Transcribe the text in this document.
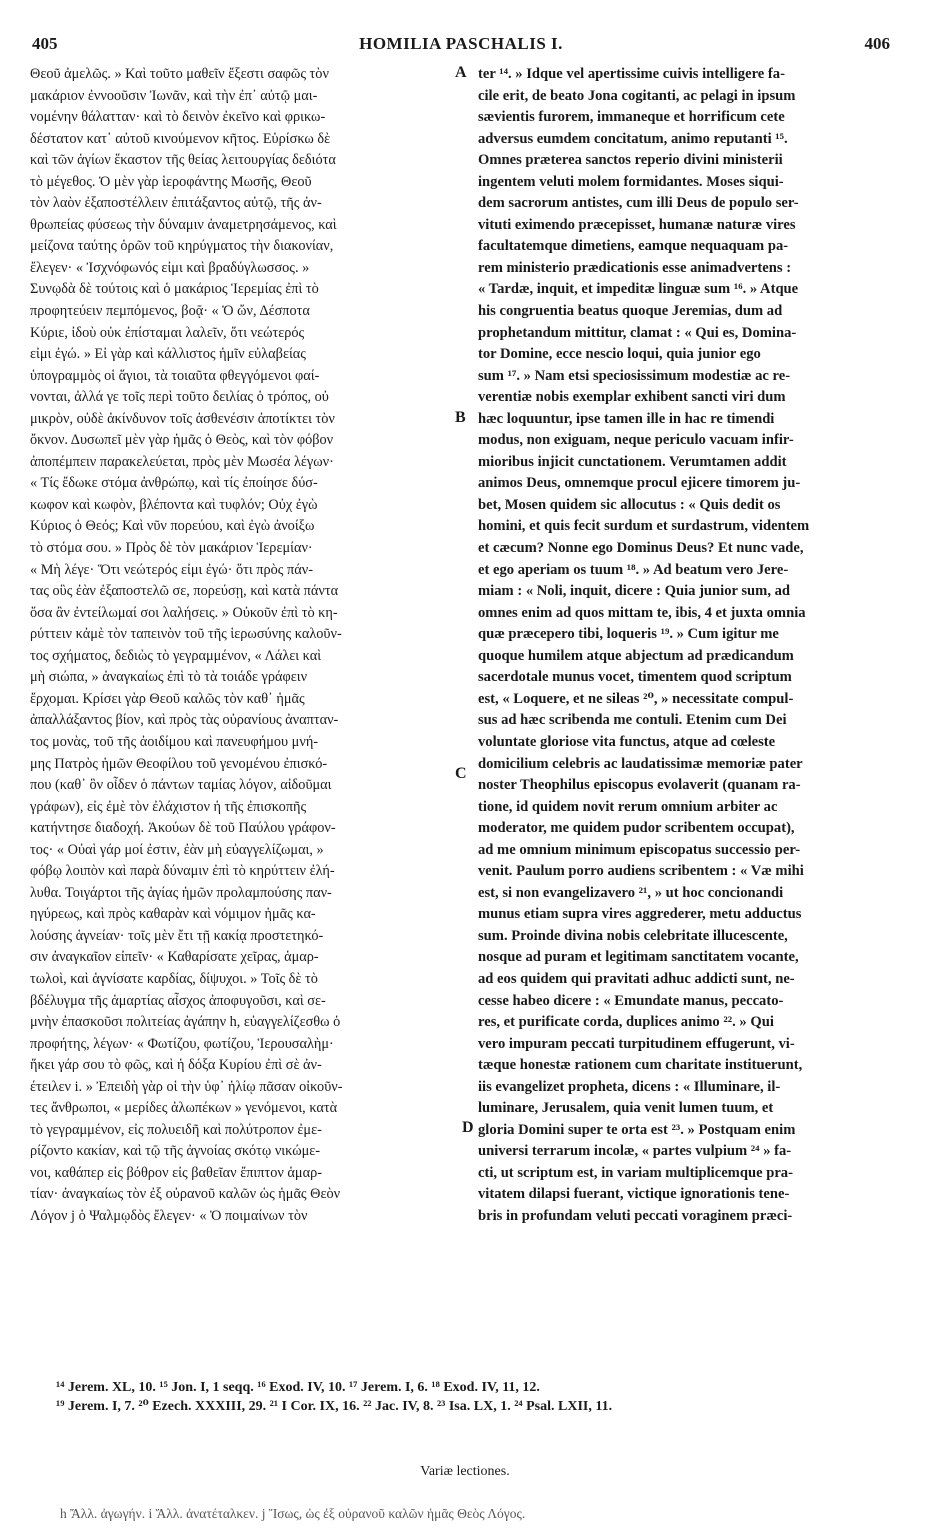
405	HOMILIA PASCHALIS I.	406
Θεοῦ ἀμελῶς. » Καὶ τοῦτο μαθεῖν ἔξεστι σαφῶς τὸν
μακάριον ἐννοοῦσιν Ἰωνᾶν, καὶ τὴν ἐπ᾽ αὐτῷ μαι-
νομένην θάλατταν· καὶ τὸ δεινὸν ἐκεῖνο καὶ φρικω-
δέστατον κατ᾽ αὐτοῦ κινούμενον κῆτος. Εὑρίσκω δὲ
καὶ τῶν ἁγίων ἕκαστον τῆς θείας λειτουργίας δεδιότα
τὸ μέγεθος. Ὁ μὲν γὰρ ἱεροφάντης Μωσῆς, Θεοῦ
τὸν λαὸν ἐξαποστέλλειν ἐπιτάξαντος αὐτῷ, τῆς ἀν-
θρωπείας φύσεως τὴν δύναμιν ἀναμετρησάμενος, καὶ
μείζονα ταύτης ὁρῶν τοῦ κηρύγματος τὴν διακονίαν,
ἔλεγεν· « Ἰσχνόφωνός εἰμι καὶ βραδύγλωσσος. »
Συνῳδὰ δὲ τούτοις καὶ ὁ μακάριος Ἱερεμίας ἐπὶ τὸ
προφητεύειν πεμπόμενος, βοᾷ· « Ὁ ὤν, Δέσποτα
Κύριε, ἰδοὺ οὐκ ἐπίσταμαι λαλεῖν, ὅτι νεώτερός
εἰμι ἐγώ. » Εἰ γὰρ καὶ κάλλιστος ἡμῖν εὐλαβείας
ὑπογραμμὸς οἱ ἅγιοι, τὰ τοιαῦτα φθεγγόμενοι φαί-
νονται, ἀλλά γε τοῖς περὶ τοῦτο δειλίας ὁ τρόπος, οὐ
μικρὸν, οὐδὲ ἀκίνδυνον τοῖς ἀσθενέσιν ἀποτίκτει τὸν
ὄκνον. Δυσωπεῖ μὲν γὰρ ἡμᾶς ὁ Θεὸς, καὶ τὸν φόβον
ἀποπέμπειν παρακελεύεται, πρὸς μὲν Μωσέα λέγων·
« Τίς ἔδωκε στόμα ἀνθρώπῳ, καὶ τίς ἐποίησε δύσ-
κωφον καὶ κωφὸν, βλέποντα καὶ τυφλόν; Οὐχ ἐγὼ
Κύριος ὁ Θεός; Καὶ νῦν πορεύου, καὶ ἐγὼ ἀνοίξω
τὸ στόμα σου. » Πρὸς δὲ τὸν μακάριον Ἱερεμίαν·
« Μὴ λέγε· Ὅτι νεώτερός εἰμι ἐγώ· ὅτι πρὸς πάν-
τας οὓς ἐὰν ἐξαποστελῶ σε, πορεύσῃ, καὶ κατὰ πάντα
ὅσα ἂν ἐντείλωμαί σοι λαλήσεις. » Οὐκοῦν ἐπὶ τὸ κη-
ρύττειν κἀμὲ τὸν ταπεινὸν τοῦ τῆς ἱερωσύνης καλοῦν-
τος σχήματος, δεδιὼς τὸ γεγραμμένον, « Λάλει καὶ
μὴ σιώπα, » ἀναγκαίως ἐπὶ τὸ τὰ τοιάδε γράφειν
ἔρχομαι. Κρίσει γὰρ Θεοῦ καλῶς τὸν καθ᾽ ἡμᾶς
ἀπαλλάξαντος βίον, καὶ πρὸς τὰς οὐρανίους ἀναπταν-
τος μονὰς, τοῦ τῆς ἀοιδίμου καὶ πανευφήμου μνή-
μης Πατρὸς ἡμῶν Θεοφίλου τοῦ γενομένου ἐπισκό-
που (καθ᾽ ὃν οἶδεν ὁ πάντων ταμίας λόγον, αἰδοῦμαι
γράφων), εἰς ἐμὲ τὸν ἐλάχιστον ἡ τῆς ἐπισκοπῆς
κατήντησε διαδοχή. Ἀκούων δὲ τοῦ Παύλου γράφον-
τος· « Οὐαὶ γάρ μοί ἐστιν, ἐὰν μὴ εὐαγγελίζωμαι, »
φόβῳ λοιπὸν καὶ παρὰ δύναμιν ἐπὶ τὸ κηρύττειν ἐλή-
λυθα. Τοιγάρτοι τῆς ἁγίας ἡμῶν προλαμπούσης παν-
ηγύρεως, καὶ πρὸς καθαρὰν καὶ νόμιμον ἡμᾶς κα-
λούσης ἁγνείαν· τοῖς μὲν ἔτι τῇ κακίᾳ προστετηκό-
σιν ἀναγκαῖον εἰπεῖν· « Καθαρίσατε χεῖρας, ἁμαρ-
τωλοὶ, καὶ ἁγνίσατε καρδίας, δίψυχοι. » Τοῖς δὲ τὸ
βδέλυγμα τῆς ἁμαρτίας αἶσχος ἀποφυγοῦσι, καὶ σε-
μνὴν ἐπασκοῦσι πολιτείας ἀγάπην h, εὐαγγελίζεσθω ὁ
προφήτης, λέγων· « Φωτίζου, φωτίζου, Ἱερουσαλὴμ·
ἥκει γάρ σου τὸ φῶς, καὶ ἡ δόξα Κυρίου ἐπὶ σὲ ἀν-
έτειλεν i. » Ἐπειδὴ γὰρ οἱ τὴν ὑφ᾽ ἡλίῳ πᾶσαν οἰκοῦν-
τες ἄνθρωποι, « μερίδες ἀλωπέκων » γενόμενοι, κατὰ
τὸ γεγραμμένον, εἰς πολυειδῆ καὶ πολύτροπον ἐμε-
ρίζοντο κακίαν, καὶ τῷ τῆς ἀγνοίας σκότῳ νικώμε-
νοι, καθάπερ εἰς βόθρον εἰς βαθεῖαν ἔπιπτον ἁμαρ-
τίαν· ἀναγκαίως τὸν ἐξ οὐρανοῦ καλῶν ὡς ἡμᾶς Θεὸν
Λόγον j ὁ Ψαλμῳδὸς ἔλεγεν· « Ὁ ποιμαίνων τὸν
ter ¹⁴. » Idque vel apertissime cuivis intelligere fa-
cile erit, de beato Jona cogitanti, ac pelagi in ipsum
sævientis furorem, immaneque et horrificum cete
adversus eumdem concitatum, animo reputanti ¹⁵.
Omnes præterea sanctos reperio divini ministerii
ingentem veluti molem formidantes. Moses siqui-
dem sacrorum antistes, cum illi Deus de populo ser-
vituti eximendo præcepisset, humanæ naturæ vires
facultatemque dimetiens, eamque nequaquam pa-
rem ministerio prædicationis esse animadvertens :
« Tardæ, inquit, et impeditæ linguæ sum ¹⁶. » Atque
his congruentia beatus quoque Jeremias, dum ad
prophetandum mittitur, clamat : « Qui es, Domina-
tor Domine, ecce nescio loqui, quia junior ego
sum ¹⁷. » Nam etsi speciosissimum modestiæ ac re-
verentiæ nobis exemplar exhibent sancti viri dum
hæc loquuntur, ipse tamen ille in hac re timendi
modus, non exiguam, neque periculo vacuam infir-
mioribus injicit cunctationem. Verumtamen addit
animos Deus, omnemque procul ejicere timorem ju-
bet, Mosen quidem sic allocutus : « Quis dedit os
homini, et quis fecit surdum et surdastrum, videntem
et cæcum? Nonne ego Dominus Deus? Et nunc vade,
et ego aperiam os tuum ¹⁸. » Ad beatum vero Jere-
miam : « Noli, inquit, dicere : Quia junior sum, ad
omnes enim ad quos mittam te, ibis, 4 et juxta omnia
quæ præcepero tibi, loqueris ¹⁹. » Cum igitur me
quoque humilem atque abjectum ad prædicandum
sacerdotale munus vocet, timentem quod scriptum
est, « Loquere, et ne sileas ²⁰, » necessitate compul-
sus ad hæc scribenda me contuli. Etenim cum Dei
voluntate gloriose vita functus, atque ad cœleste
domicilium celebris ac laudatissimæ memoriæ pater
noster Theophilus episcopus evolaverit (quanam ra-
tione, id quidem novit rerum omnium arbiter ac
moderator, me quidem pudor scribentem occupat),
ad me omnium minimum episcopatus successio per-
venit. Paulum porro audiens scribentem : « Væ mihi
est, si non evangelizavero ²¹, » ut hoc concionandi
munus etiam supra vires aggrederer, metu adductus
sum. Proinde divina nobis celebritate illucescente,
nosque ad puram et legitimam sanctitatem vocante,
ad eos quidem qui pravitati adhuc addicti sunt, ne-
cesse habeo dicere : « Emundate manus, peccato-
res, et purificate corda, duplices animo ²². » Qui
vero impuram peccati turpitudinem effugerunt, vi-
tæque honestæ rationem cum charitate instituerunt,
iis evangelizet propheta, dicens : « Illuminare, il-
luminare, Jerusalem, quia venit lumen tuum, et
gloria Domini super te orta est ²³. » Postquam enim
universi terrarum incolæ, « partes vulpium ²⁴ » fa-
cti, ut scriptum est, in variam multiplicemque pra-
vitatem dilapsi fuerant, victique ignorationis tene-
bris in profundam veluti peccati voraginem præci-
A
B
C
D
¹⁴ Jerem. XL, 10. ¹⁵ Jon. I, 1 seqq. ¹⁶ Exod. IV, 10. ¹⁷ Jerem. I, 6. ¹⁸ Exod. IV, 11, 12.
¹⁹ Jerem. I, 7. ²⁰ Ezech. XXXIII, 29. ²¹ I Cor. IX, 16. ²² Jac. IV, 8. ²³ Isa. LX, 1. ²⁴ Psal. LXII, 11.
Variæ lectiones.
h Ἄλλ. ἀγωγήν. i Ἄλλ. ἀνατέταλκεν. j Ἴσως, ὡς ἐξ οὐρανοῦ καλῶν ἡμᾶς Θεὸς Λόγος.
